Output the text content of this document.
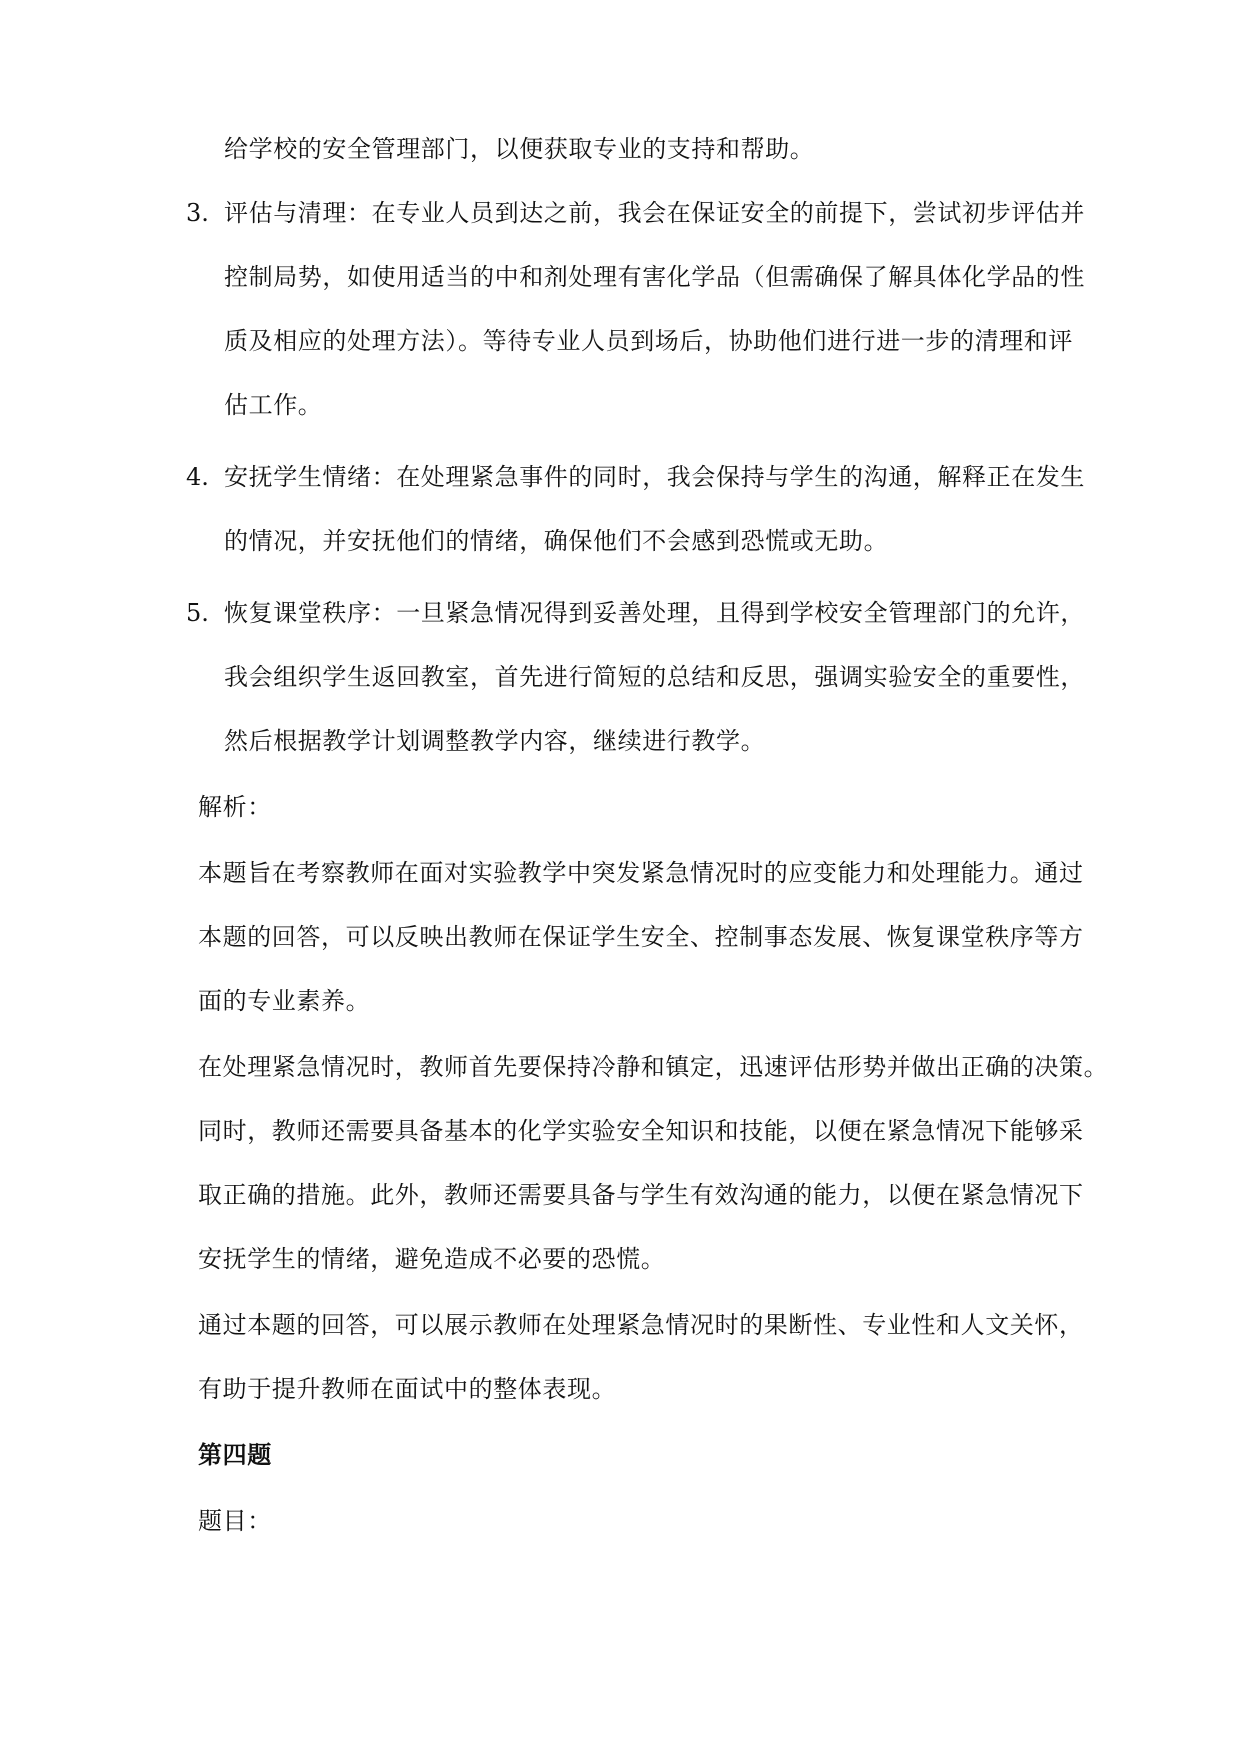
给学校的安全管理部门，以便获取专业的支持和帮助。
3. 评估与清理：在专业人员到达之前，我会在保证安全的前提下，尝试初步评估并
控制局势，如使用适当的中和剂处理有害化学品（但需确保了解具体化学品的性
质及相应的处理方法）。等待专业人员到场后，协助他们进行进一步的清理和评
估工作。
4. 安抚学生情绪：在处理紧急事件的同时，我会保持与学生的沟通，解释正在发生
的情况，并安抚他们的情绪，确保他们不会感到恐慌或无助。
5. 恢复课堂秩序：一旦紧急情况得到妥善处理，且得到学校安全管理部门的允许，
我会组织学生返回教室，首先进行简短的总结和反思，强调实验安全的重要性，
然后根据教学计划调整教学内容，继续进行教学。
解析：
本题旨在考察教师在面对实验教学中突发紧急情况时的应变能力和处理能力。通过
本题的回答，可以反映出教师在保证学生安全、控制事态发展、恢复课堂秩序等方
面的专业素养。
在处理紧急情况时，教师首先要保持冷静和镇定，迅速评估形势并做出正确的决策。
同时，教师还需要具备基本的化学实验安全知识和技能，以便在紧急情况下能够采
取正确的措施。此外，教师还需要具备与学生有效沟通的能力，以便在紧急情况下
安抚学生的情绪，避免造成不必要的恐慌。
通过本题的回答，可以展示教师在处理紧急情况时的果断性、专业性和人文关怀，
有助于提升教师在面试中的整体表现。
第四题
题目：
